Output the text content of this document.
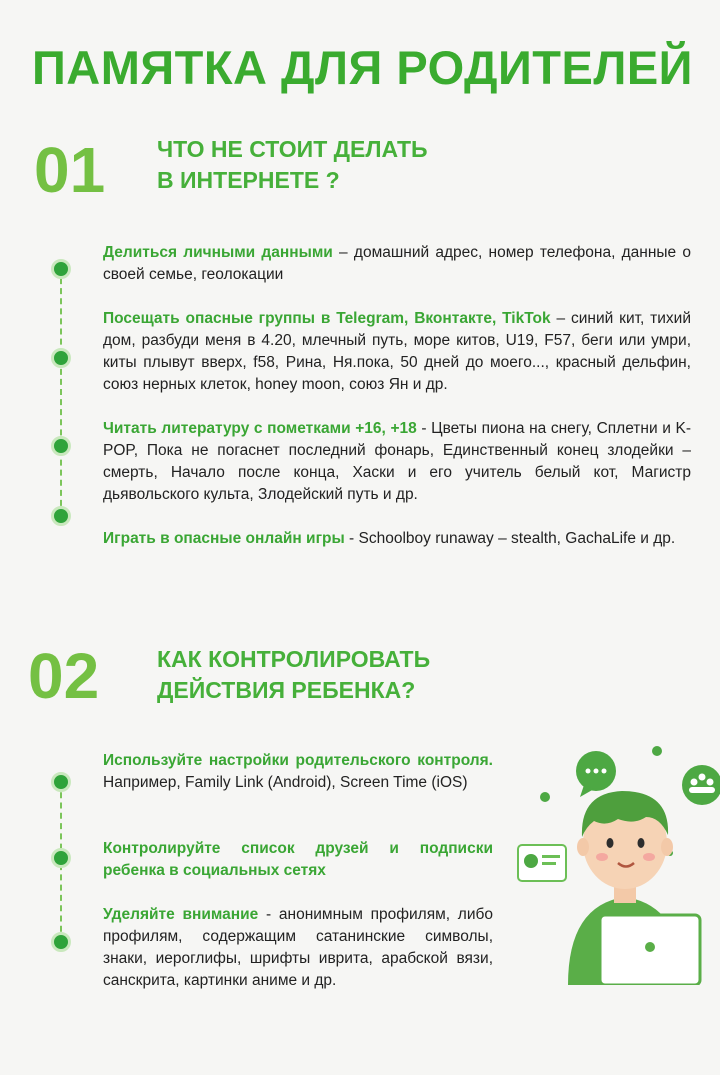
ПАМЯТКА ДЛЯ РОДИТЕЛЕЙ
01 ЧТО НЕ СТОИТ ДЕЛАТЬ
В ИНТЕРНЕТЕ ?

Делиться личными данными – домашний адрес, номер телефона, данные о своей семье, геолокации

Посещать опасные группы в Telegram, Вконтакте, TikTok – синий кит, тихий дом, разбуди меня в 4.20, млечный путь, море китов, U19, F57, беги или умри, киты плывут вверх, f58, Рина, Ня.пока, 50 дней до моего..., красный дельфин, союз нерных клеток, honey moon, союз Ян и др.

Читать литературу с пометками +16, +18 - Цветы пиона на снегу, Сплетни и K-POP, Пока не погаснет последний фонарь, Единственный конец злодейки – смерть, Начало после конца, Хаски и его учитель белый кот, Магистр дьявольского культа, Злодейский путь и др.

Играть в опасные онлайн игры - Schoolboy runaway – stealth, GachaLife и др.

02	КАК КОНТРОЛИРОВАТЬ
ДЕЙСТВИЯ РЕБЕНКА?

Используйте настройки родительского контроля. Например, Family Link (Android), Screen Time (iOS)

Контролируйте список друзей и подписки ребенка в социальных сетях

Уделяйте внимание - анонимным профилям, либо профилям, содержащим сатанинские символы, знаки, иероглифы, шрифты иврита, арабской вязи, санскрита, картинки аниме и др.
